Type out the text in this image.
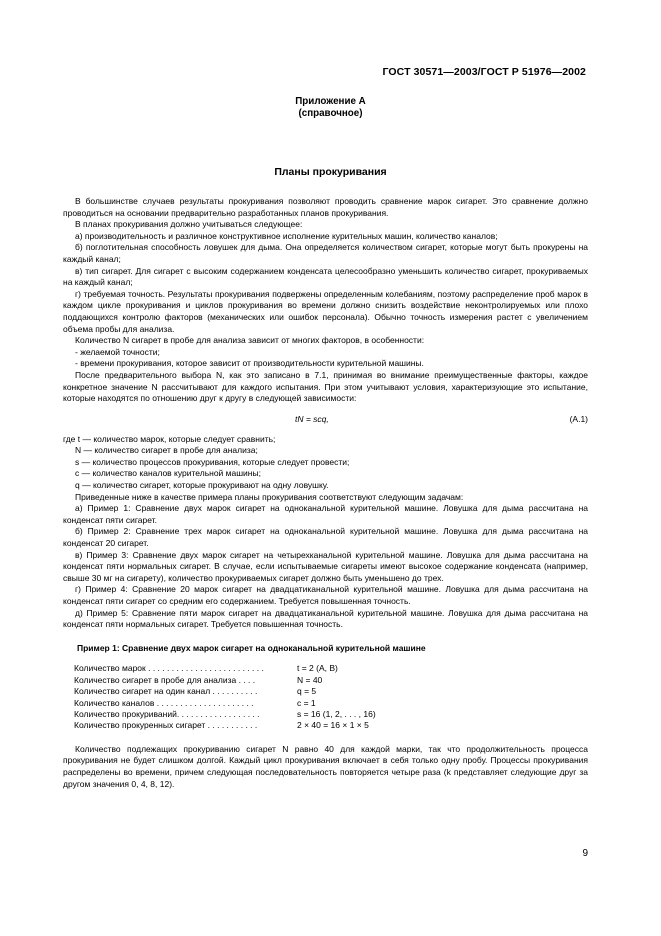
ГОСТ 30571—2003/ГОСТ Р 51976—2002
Приложение А
(справочное)
Планы прокуривания

В большинстве случаев результаты прокуривания позволяют проводить сравнение марок сигарет. Это сравнение должно проводиться на основании предварительно разработанных планов прокуривания.

В планах прокуривания должно учитываться следующее:

а) производительность и различное конструктивное исполнение курительных машин, количество каналов;

б) поглотительная способность ловушек для дыма. Она определяется количеством сигарет, которые могут быть прокурены на каждый канал;

в) тип сигарет. Для сигарет с высоким содержанием конденсата целесообразно уменьшить количество сигарет, прокуриваемых на каждый канал;

г) требуемая точность. Результаты прокуривания подвержены определенным колебаниям, поэтому распределение проб марок в каждом цикле прокуривания и циклов прокуривания во времени должно снизить воздействие неконтролируемых или плохо поддающихся контролю факторов (механических или ошибок персонала). Обычно точность измерения растет с увеличением объема пробы для анализа.

Количество N сигарет в пробе для анализа зависит от многих факторов, в особенности:

- желаемой точности;

- времени прокуривания, которое зависит от производительности курительной машины.

После предварительного выбора N, как это записано в 7.1, принимая во внимание преимущественные факторы, каждое конкретное значение N рассчитывают для каждого испытания. При этом учитывают условия, характеризующие это испытание, которые находятся по отношению друг к другу в следующей зависимости:

tN = scq,	(А.1)
где t — количество марок, которые следует сравнить;
N — количество сигарет в пробе для анализа;
s — количество процессов прокуривания, которые следует провести;
c — количество каналов курительной машины;
q — количество сигарет, которые прокуривают на одну ловушку.

Приведенные ниже в качестве примера планы прокуривания соответствуют следующим задачам:

а) Пример 1: Сравнение двух марок сигарет на одноканальной курительной машине. Ловушка для дыма рассчитана на конденсат пяти сигарет.

б) Пример 2: Сравнение трех марок сигарет на одноканальной курительной машине. Ловушка для дыма рассчитана на конденсат 20 сигарет.

в) Пример 3: Сравнение двух марок сигарет на четырехканальной курительной машине. Ловушка для дыма рассчитана на конденсат пяти нормальных сигарет. В случае, если испытываемые сигареты имеют высокое содержание конденсата (например, свыше 30 мг на сигарету), количество прокуриваемых сигарет должно быть уменьшено до трех.

г) Пример 4: Сравнение 20 марок сигарет на двадцатиканальной курительной машине. Ловушка для дыма рассчитана на конденсат пяти сигарет со средним его содержанием. Требуется повышенная точность.

д) Пример 5: Сравнение пяти марок сигарет на двадцатиканальной курительной машине. Ловушка для дыма рассчитана на конденсат пяти нормальных сигарет. Требуется повышенная точность.

Пример 1: Сравнение двух марок сигарет на одноканальной курительной машине

Количество марок . . . . . . . . . . . . . . . . . . . . . . . . .	t = 2 (A, B)
Количество сигарет в пробе для анализа . . . .	N = 40
Количество сигарет на один канал . . . . . . . . . .	q = 5
Количество каналов . . . . . . . . . . . . . . . . . . . . .	c = 1
Количество прокуриваний. . . . . . . . . . . . . . . . . .	s = 16 (1, 2, . . . , 16)
Количество прокуренных сигарет . . . . . . . . . . .	2 × 40 = 16 × 1 × 5

Количество подлежащих прокуриванию сигарет N равно 40 для каждой марки, так что продолжительность процесса прокуривания не будет слишком долгой. Каждый цикл прокуривания включает в себя только одну пробу. Процессы прокуривания распределены во времени, причем следующая последовательность повторяется четыре раза (k представляет следующие друг за другом значения 0, 4, 8, 12).

9
